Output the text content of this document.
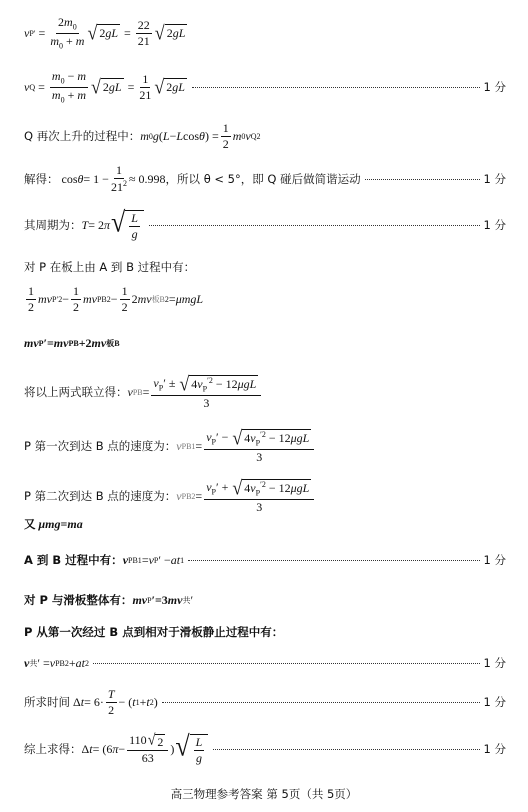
v P ′ = $\frac{2m_0}{m_0 + m}$ √ $2gL = \frac{22}{21}$ √ 2gL
v $Q = \frac{m_0 - m}{m_0 + m}$ √ $2gL = \frac{1}{21}$ √ 2gL	1 分
Q 再次上升的过程中： m 0 g ( L − L cos θ ) = $\frac{1}{2}$ m 0 v Q 2
解得： $\cos \theta = 1 - \frac{1}{21^2} \approx 0.998$ ，所以 θ < 5°，即 Q 碰后做简谐运动	1 分
其周期为： T = 2 π √ $\frac{L}{g}$	1 分
对 P 在板上由 A 到 B 过程中有：
$\frac{1}{2}$ mv P $'2 - \frac{1}{2}$ mv PB $2 - \frac{1}{2} 2$ mv 板B 2 = μmgL
mv P ′= mv PB +2 mv 板B
将以上两式联立得： v PB = $\frac{v_P' \pm √ 4v_P^{'2} - 12\mu gL}{3}$
P 第一次到达 B 点的速度为： v $PB1 = \frac{v_P' - √ 4v_P^{'2} - 12\mu gL}{3}$
P 第二次到达 B 点的速度为： v $PB2 = \frac{v_P' + √ 4v_P^{'2} - 12\mu gL}{3}$
又
μmg = ma
A 到 B 过程中有： v PB1 = v P ′ − at 1	1 分
对 P 与滑板整体有： mv P ′=3 mv 共 ′
P 从第一次经过 B 点到相对于滑板静止过程中有：
v 共 ′ = v PB2 + at 2	1 分
所求时间 Δ $t = 6\cdot \frac{T}{2}$ − ( t 1 + t 2 )	1 分
综上求得： Δ t = (6 $\pi - \frac{110 √ 2}{63}$ ) √ $\frac{L}{g}$	1 分
高三物理参考答案 第 5页（共 5页）
